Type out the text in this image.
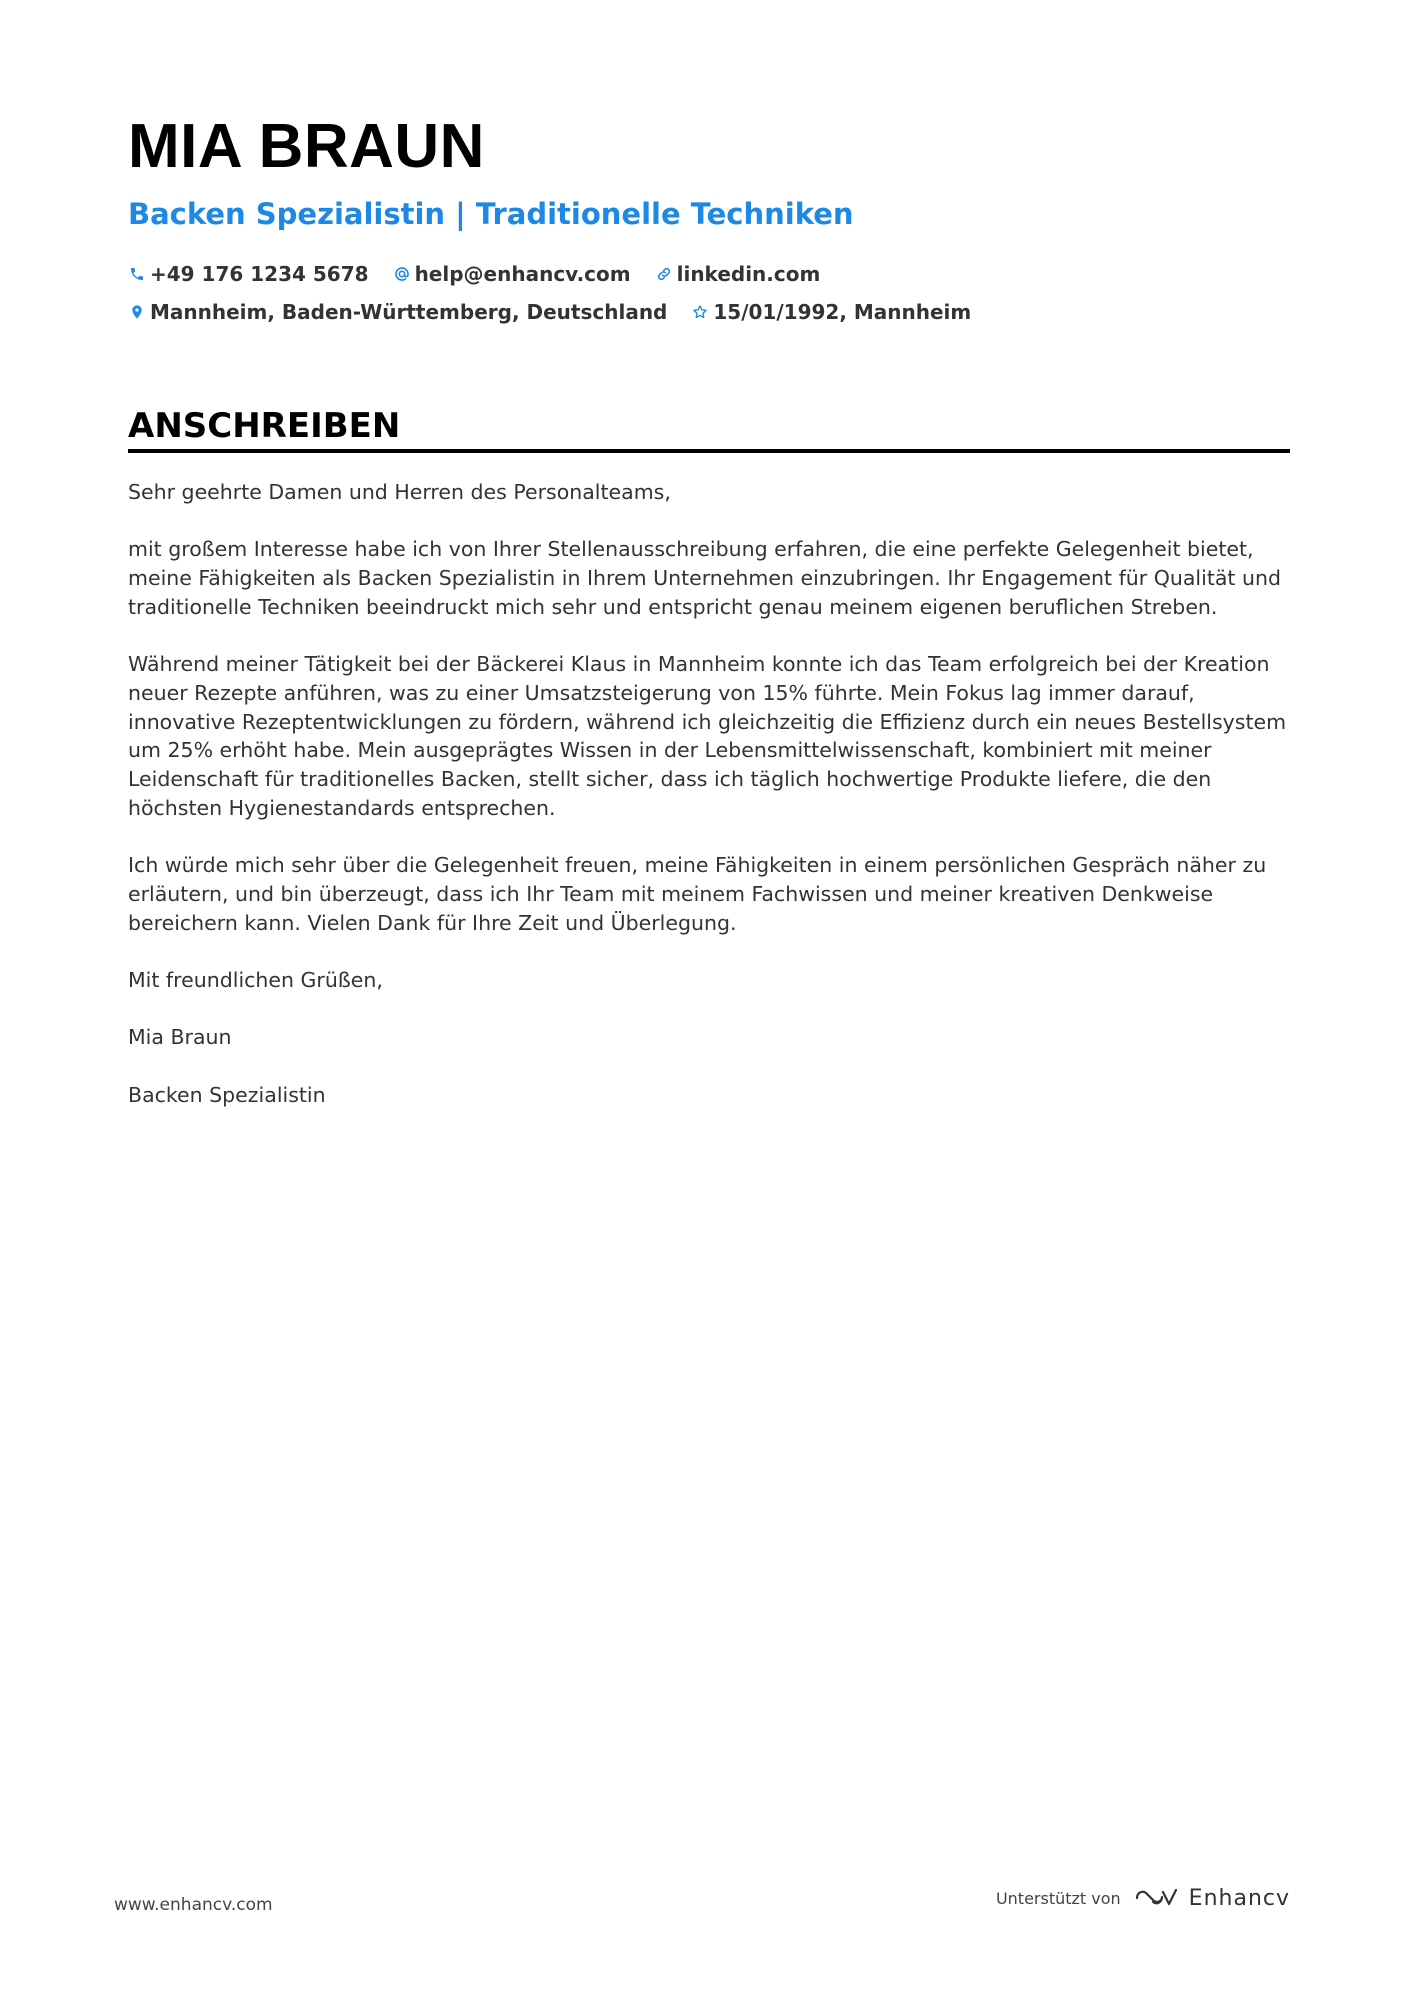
MIA BRAUN
Backen Spezialistin | Traditionelle Techniken
+49 176 1234 5678 help@enhancv.com linkedin.com
Mannheim, Baden-Württemberg, Deutschland 15/01/1992, Mannheim
ANSCHREIBEN

Sehr geehrte Damen und Herren des Personalteams,

mit großem Interesse habe ich von Ihrer Stellenausschreibung erfahren, die eine perfekte Gelegenheit bietet, meine Fähigkeiten als Backen Spezialistin in Ihrem Unternehmen einzubringen. Ihr Engagement für Qualität und traditionelle Techniken beeindruckt mich sehr und entspricht genau meinem eigenen beruflichen Streben.

Während meiner Tätigkeit bei der Bäckerei Klaus in Mannheim konnte ich das Team erfolgreich bei der Kreation neuer Rezepte anführen, was zu einer Umsatzsteigerung von 15% führte. Mein Fokus lag immer darauf, innovative Rezeptentwicklungen zu fördern, während ich gleichzeitig die Effizienz durch ein neues Bestellsystem um 25% erhöht habe. Mein ausgeprägtes Wissen in der Lebensmittelwissenschaft, kombiniert mit meiner Leidenschaft für traditionelles Backen, stellt sicher, dass ich täglich hochwertige Produkte liefere, die den höchsten Hygienestandards entsprechen.

Ich würde mich sehr über die Gelegenheit freuen, meine Fähigkeiten in einem persönlichen Gespräch näher zu erläutern, und bin überzeugt, dass ich Ihr Team mit meinem Fachwissen und meiner kreativen Denkweise bereichern kann. Vielen Dank für Ihre Zeit und Überlegung.

Mit freundlichen Grüßen,

Mia Braun

Backen Spezialistin

www.enhancv.com	Unterstützt von	Enhancv
